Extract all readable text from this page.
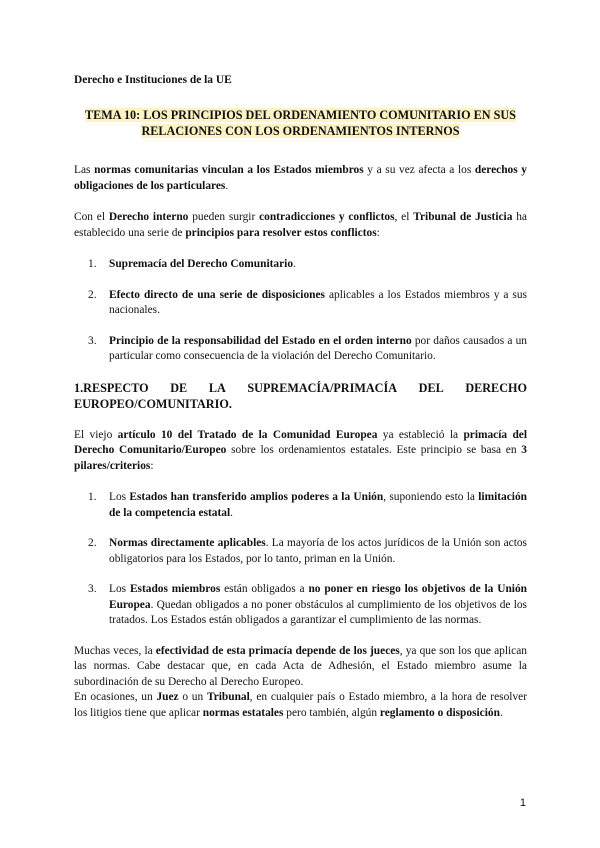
Derecho e Instituciones de la UE
TEMA 10: LOS PRINCIPIOS DEL ORDENAMIENTO COMUNITARIO EN SUS
RELACIONES CON LOS ORDENAMIENTOS INTERNOS

Las normas comunitarias vinculan a los Estados miembros y a su vez afecta a los derechos y obligaciones de los particulares.

Con el Derecho interno pueden surgir contradicciones y conflictos, el Tribunal de Justicia ha establecido una serie de principios para resolver estos conflictos:

1. Supremacía del Derecho Comunitario.
2. Efecto directo de una serie de disposiciones aplicables a los Estados miembros y a sus nacionales.
3. Principio de la responsabilidad del Estado en el orden interno por daños causados a un particular como consecuencia de la violación del Derecho Comunitario.
1.RESPECTO DE LA SUPREMACÍA/PRIMACÍA DEL DERECHO
EUROPEO/COMUNITARIO.

El viejo artículo 10 del Tratado de la Comunidad Europea ya estableció la primacía del Derecho Comunitario/Europeo sobre los ordenamientos estatales. Este principio se basa en 3 pilares/criterios:

1. Los Estados han transferido amplios poderes a la Unión, suponiendo esto la limitación de la competencia estatal.
2. Normas directamente aplicables. La mayoría de los actos jurídicos de la Unión son actos obligatorios para los Estados, por lo tanto, priman en la Unión.
3. Los Estados miembros están obligados a no poner en riesgo los objetivos de la Unión Europea. Quedan obligados a no poner obstáculos al cumplimiento de los objetivos de los tratados. Los Estados están obligados a garantizar el cumplimiento de las normas.

Muchas veces, la efectividad de esta primacía depende de los jueces, ya que son los que aplican las normas. Cabe destacar que, en cada Acta de Adhesión, el Estado miembro asume la subordinación de su Derecho al Derecho Europeo.

En ocasiones, un Juez o un Tribunal, en cualquier país o Estado miembro, a la hora de resolver los litigios tiene que aplicar normas estatales pero también, algún reglamento o disposición.

1
